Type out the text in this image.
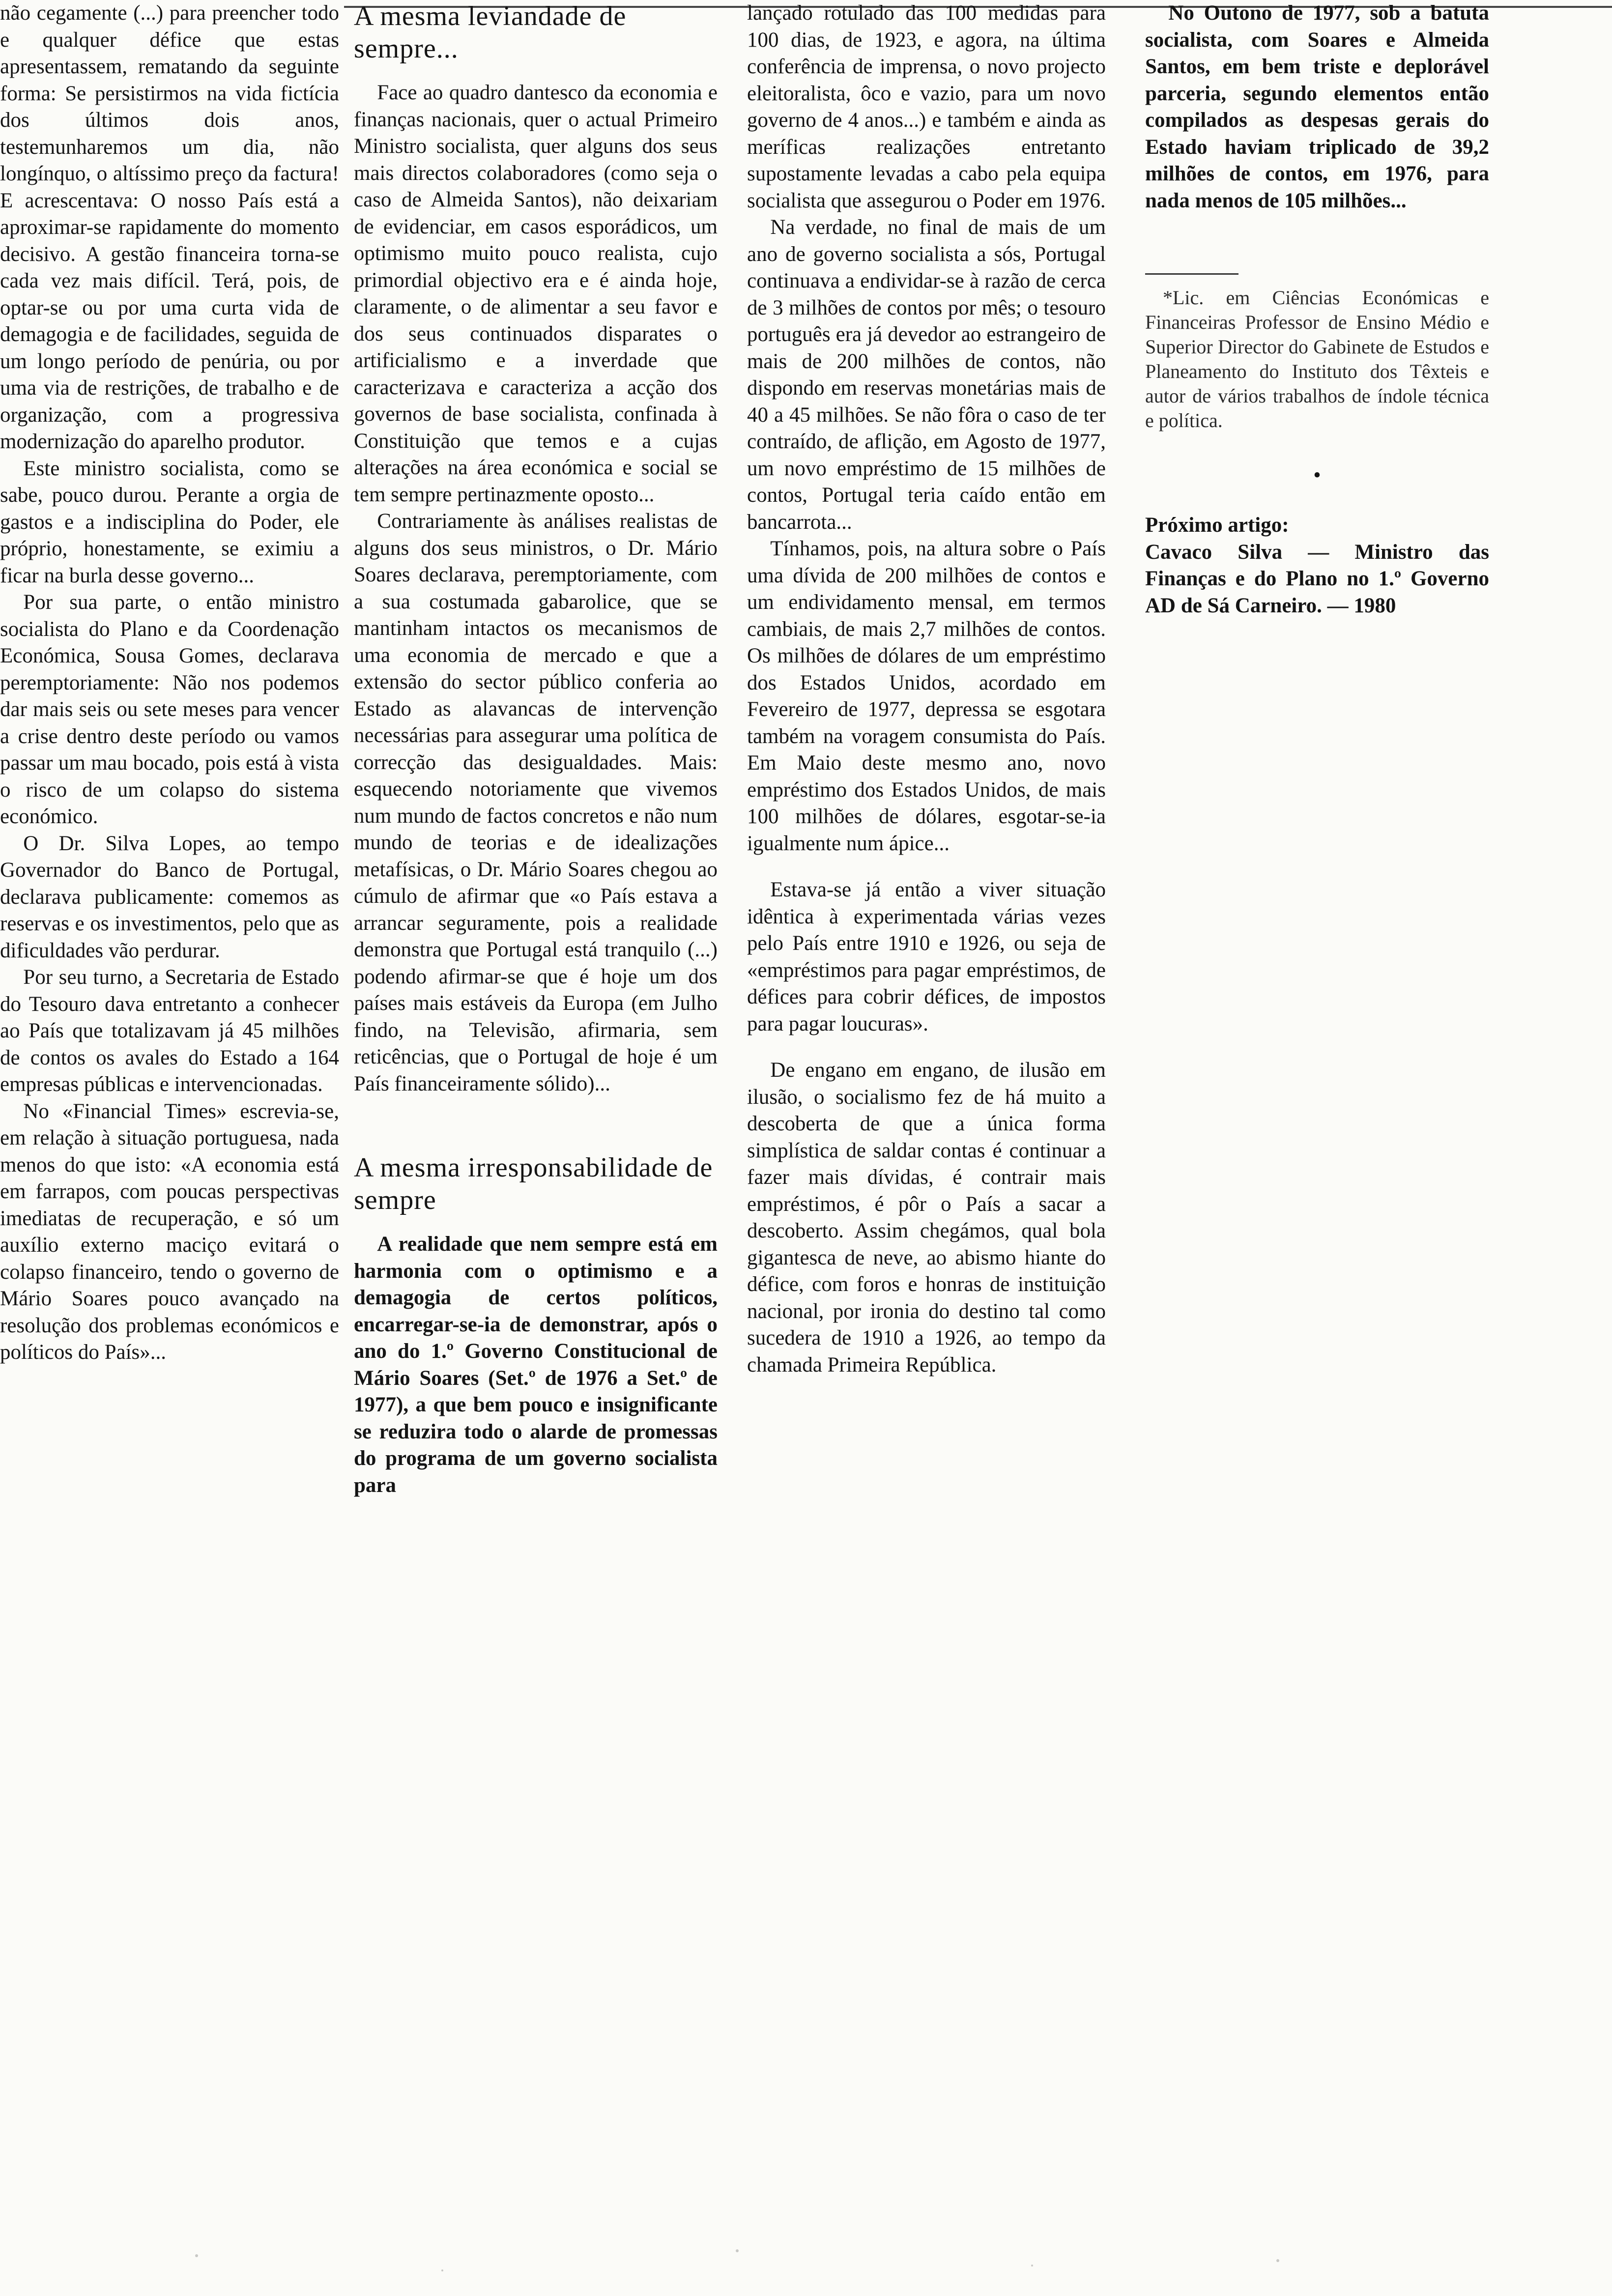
não cegamente (...) para preencher todo e qualquer défice que estas apresentassem, rematando da seguinte forma: Se persistirmos na vida fictícia dos últimos dois anos, testemunharemos um dia, não longínquo, o altíssimo preço da factura! E acrescentava: O nosso País está a aproximar-se rapidamente do momento decisivo. A gestão financeira torna-se cada vez mais difícil. Terá, pois, de optar-se ou por uma curta vida de demagogia e de facilidades, seguida de um longo período de penúria, ou por uma via de restrições, de trabalho e de organização, com a progressiva modernização do aparelho produtor.

Este ministro socialista, como se sabe, pouco durou. Perante a orgia de gastos e a indisciplina do Poder, ele próprio, honestamente, se eximiu a ficar na burla desse governo...

Por sua parte, o então ministro socialista do Plano e da Coordenação Económica, Sousa Gomes, declarava peremptoriamente: Não nos podemos dar mais seis ou sete meses para vencer a crise dentro deste período ou vamos passar um mau bocado, pois está à vista o risco de um colapso do sistema económico.

O Dr. Silva Lopes, ao tempo Governador do Banco de Portugal, declarava publicamente: comemos as reservas e os investimentos, pelo que as dificuldades vão perdurar.

Por seu turno, a Secretaria de Estado do Tesouro dava entretanto a conhecer ao País que totalizavam já 45 milhões de contos os avales do Estado a 164 empresas públicas e intervencionadas.

No «Financial Times» escrevia-se, em relação à situação portuguesa, nada menos do que isto: «A economia está em farrapos, com poucas perspectivas imediatas de recuperação, e só um auxílio externo maciço evitará o colapso financeiro, tendo o governo de Mário Soares pouco avançado na resolução dos problemas económicos e políticos do País»...

A mesma leviandade de sempre...

Face ao quadro dantesco da economia e finanças nacionais, quer o actual Primeiro Ministro socialista, quer alguns dos seus mais directos colaboradores (como seja o caso de Almeida Santos), não deixariam de evidenciar, em casos esporádicos, um optimismo muito pouco realista, cujo primordial objectivo era e é ainda hoje, claramente, o de alimentar a seu favor e dos seus continuados disparates o artificialismo e a inverdade que caracterizava e caracteriza a acção dos governos de base socialista, confinada à Constituição que temos e a cujas alterações na área económica e social se tem sempre pertinazmente oposto...

Contrariamente às análises realistas de alguns dos seus ministros, o Dr. Mário Soares declarava, peremptoriamente, com a sua costumada gabarolice, que se mantinham intactos os mecanismos de uma economia de mercado e que a extensão do sector público conferia ao Estado as alavancas de intervenção necessárias para assegurar uma política de correcção das desigualdades. Mais: esquecendo notoriamente que vivemos num mundo de factos concretos e não num mundo de teorias e de idealizações metafísicas, o Dr. Mário Soares chegou ao cúmulo de afirmar que «o País estava a arrancar seguramente, pois a realidade demonstra que Portugal está tranquilo (...) podendo afirmar-se que é hoje um dos países mais estáveis da Europa (em Julho findo, na Televisão, afirmaria, sem reticências, que o Portugal de hoje é um País financeiramente sólido)...

A mesma irresponsabilidade de sempre

A realidade que nem sempre está em harmonia com o optimismo e a demagogia de certos políticos, encarregar-se-ia de demonstrar, após o ano do 1.º Governo Constitucional de Mário Soares (Set.º de 1976 a Set.º de 1977), a que bem pouco e insignificante se reduzira todo o alarde de promessas do programa de um governo socialista para

lançado rotulado das 100 medidas para 100 dias, de 1923, e agora, na última conferência de imprensa, o novo projecto eleitoralista, ôco e vazio, para um novo governo de 4 anos...) e também e ainda as meríficas realizações entretanto supostamente levadas a cabo pela equipa socialista que assegurou o Poder em 1976.

Na verdade, no final de mais de um ano de governo socialista a sós, Portugal continuava a endividar-se à razão de cerca de 3 milhões de contos por mês; o tesouro português era já devedor ao estrangeiro de mais de 200 milhões de contos, não dispondo em reservas monetárias mais de 40 a 45 milhões. Se não fôra o caso de ter contraído, de aflição, em Agosto de 1977, um novo empréstimo de 15 milhões de contos, Portugal teria caído então em bancarrota...

Tínhamos, pois, na altura sobre o País uma dívida de 200 milhões de contos e um endividamento mensal, em termos cambiais, de mais 2,7 milhões de contos. Os milhões de dólares de um empréstimo dos Estados Unidos, acordado em Fevereiro de 1977, depressa se esgotara também na voragem consumista do País. Em Maio deste mesmo ano, novo empréstimo dos Estados Unidos, de mais 100 milhões de dólares, esgotar-se-ia igualmente num ápice...

Estava-se já então a viver situação idêntica à experimentada várias vezes pelo País entre 1910 e 1926, ou seja de «empréstimos para pagar empréstimos, de défices para cobrir défices, de impostos para pagar loucuras».

De engano em engano, de ilusão em ilusão, o socialismo fez de há muito a descoberta de que a única forma simplística de saldar contas é continuar a fazer mais dívidas, é contrair mais empréstimos, é pôr o País a sacar a descoberto. Assim chegámos, qual bola gigantesca de neve, ao abismo hiante do défice, com foros e honras de instituição nacional, por ironia do destino tal como sucedera de 1910 a 1926, ao tempo da chamada Primeira República.

No Outono de 1977, sob a batuta socialista, com Soares e Almeida Santos, em bem triste e deplorável parceria, segundo elementos então compilados as despesas gerais do Estado haviam triplicado de 39,2 milhões de contos, em 1976, para nada menos de 105 milhões...

*Lic. em Ciências Económicas e Financeiras Professor de Ensino Médio e Superior Director do Gabinete de Estudos e Planeamento do Instituto dos Têxteis e autor de vários trabalhos de índole técnica e política.

•

Próximo artigo:

Cavaco Silva — Ministro das Finanças e do Plano no 1.º Governo AD de Sá Carneiro. — 1980
